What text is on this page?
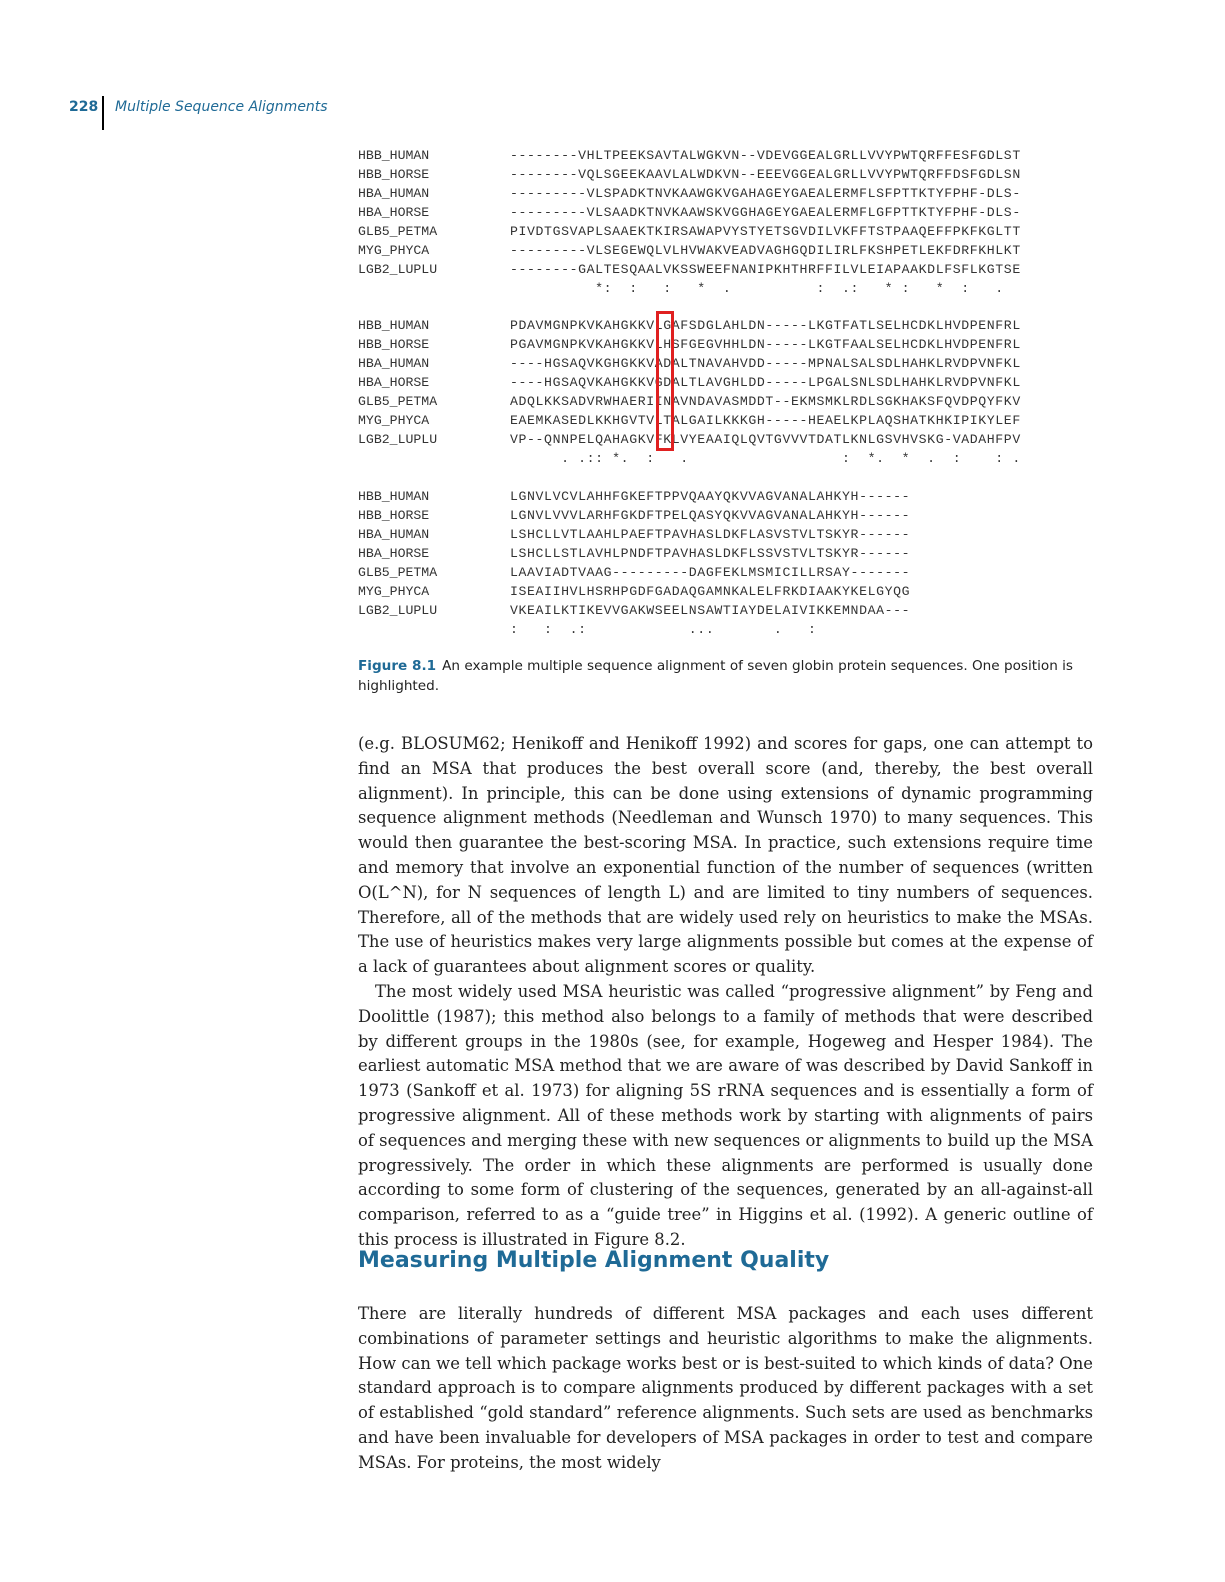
228 Multiple Sequence Alignments
HBB_HUMAN	--------VHLTPEEKSAVTALWGKVN--VDEVGGEALGRLLVVYPWTQRFFESFGDLST
HBB_HORSE	--------VQLSGEEKAAVLALWDKVN--EEEVGGEALGRLLVVYPWTQRFFDSFGDLSN
HBA_HUMAN	---------VLSPADKTNVKAAWGKVGAHAGEYGAEALERMFLSFPTTKTYFPHF-DLS-
HBA_HORSE	---------VLSAADKTNVKAAWSKVGGHAGEYGAEALERMFLGFPTTKTYFPHF-DLS-
GLB5_PETMA	PIVDTGSVAPLSAAEKTKIRSAWAPVYSTYETSGVDILVKFFTSTPAAQEFFPKFKGLTT
MYG_PHYCA	---------VLSEGEWQLVLHVWAKVEADVAGHGQDILIRLFKSHPETLEKFDRFKHLKT
LGB2_LUPLU	--------GALTESQAALVKSSWEEFNANIPKHTHRFFILVLEIAPAAKDLFSFLKGTSE
*:  :   :   *  .          :  .:   * :   *  :   .
HBB_HUMAN	PDAVMGNPKVKAHGKKVLGAFSDGLAHLDN-----LKGTFATLSELHCDKLHVDPENFRL
HBB_HORSE	PGAVMGNPKVKAHGKKVLHSFGEGVHHLDN-----LKGTFAALSELHCDKLHVDPENFRL
HBA_HUMAN	----HGSAQVKGHGKKVADALTNAVAHVDD-----MPNALSALSDLHAHKLRVDPVNFKL
HBA_HORSE	----HGSAQVKAHGKKVGDALTLAVGHLDD-----LPGALSNLSDLHAHKLRVDPVNFKL
GLB5_PETMA	ADQLKKSADVRWHAERIINAVNDAVASMDDT--EKMSMKLRDLSGKHAKSFQVDPQYFKV
MYG_PHYCA	EAEMKASEDLKKHGVTVLTALGAILKKKGH-----HEAELKPLAQSHATKHKIPIKYLEF
LGB2_LUPLU	VP--QNNPELQAHAGKVFKLVYEAAIQLQVTGVVVTDATLKNLGSVHVSKG-VADAHFPV
. .:: *.  :   .                  :  *.  *  .  :    : .
HBB_HUMAN	LGNVLVCVLAHHFGKEFTPPVQAAYQKVVAGVANALAHKYH------
HBB_HORSE	LGNVLVVVLARHFGKDFTPELQASYQKVVAGVANALAHKYH------
HBA_HUMAN	LSHCLLVTLAAHLPAEFTPAVHASLDKFLASVSTVLTSKYR------
HBA_HORSE	LSHCLLSTLAVHLPNDFTPAVHASLDKFLSSVSTVLTSKYR------
GLB5_PETMA	LAAVIADTVAAG---------DAGFEKLMSMICILLRSAY-------
MYG_PHYCA	ISEAIIHVLHSRHPGDFGADAQGAMNKALELFRKDIAAKYKELGYQG
LGB2_LUPLU	VKEAILKTIKEVVGAKWSEELNSAWTIAYDELAIVIKKEMNDAA---
:   :  .:            ...       .   :
Figure 8.1 An example multiple sequence alignment of seven globin protein sequences. One position is highlighted.

(e.g. BLOSUM62; Henikoff and Henikoff 1992) and scores for gaps, one can attempt to find an MSA that produces the best overall score (and, thereby, the best overall alignment). In principle, this can be done using extensions of dynamic programming sequence alignment methods (Needleman and Wunsch 1970) to many sequences. This would then guarantee the best-scoring MSA. In practice, such extensions require time and memory that involve an exponential function of the number of sequences (written O(L^N), for N sequences of length L) and are limited to tiny numbers of sequences. Therefore, all of the methods that are widely used rely on heuristics to make the MSAs. The use of heuristics makes very large alignments possible but comes at the expense of a lack of guarantees about alignment scores or quality.

The most widely used MSA heuristic was called “progressive alignment” by Feng and Doolittle (1987); this method also belongs to a family of methods that were described by different groups in the 1980s (see, for example, Hogeweg and Hesper 1984). The earliest automatic MSA method that we are aware of was described by David Sankoff in 1973 (Sankoff et al. 1973) for aligning 5S rRNA sequences and is essentially a form of progressive alignment. All of these methods work by starting with alignments of pairs of sequences and merging these with new sequences or alignments to build up the MSA progressively. The order in which these alignments are performed is usually done according to some form of clustering of the sequences, generated by an all-against-all comparison, referred to as a “guide tree” in Higgins et al. (1992). A generic outline of this process is illustrated in Figure 8.2.

Measuring Multiple Alignment Quality

There are literally hundreds of different MSA packages and each uses different combinations of parameter settings and heuristic algorithms to make the alignments. How can we tell which package works best or is best-suited to which kinds of data? One standard approach is to compare alignments produced by different packages with a set of established “gold standard” reference alignments. Such sets are used as benchmarks and have been invaluable for developers of MSA packages in order to test and compare MSAs. For proteins, the most widely
